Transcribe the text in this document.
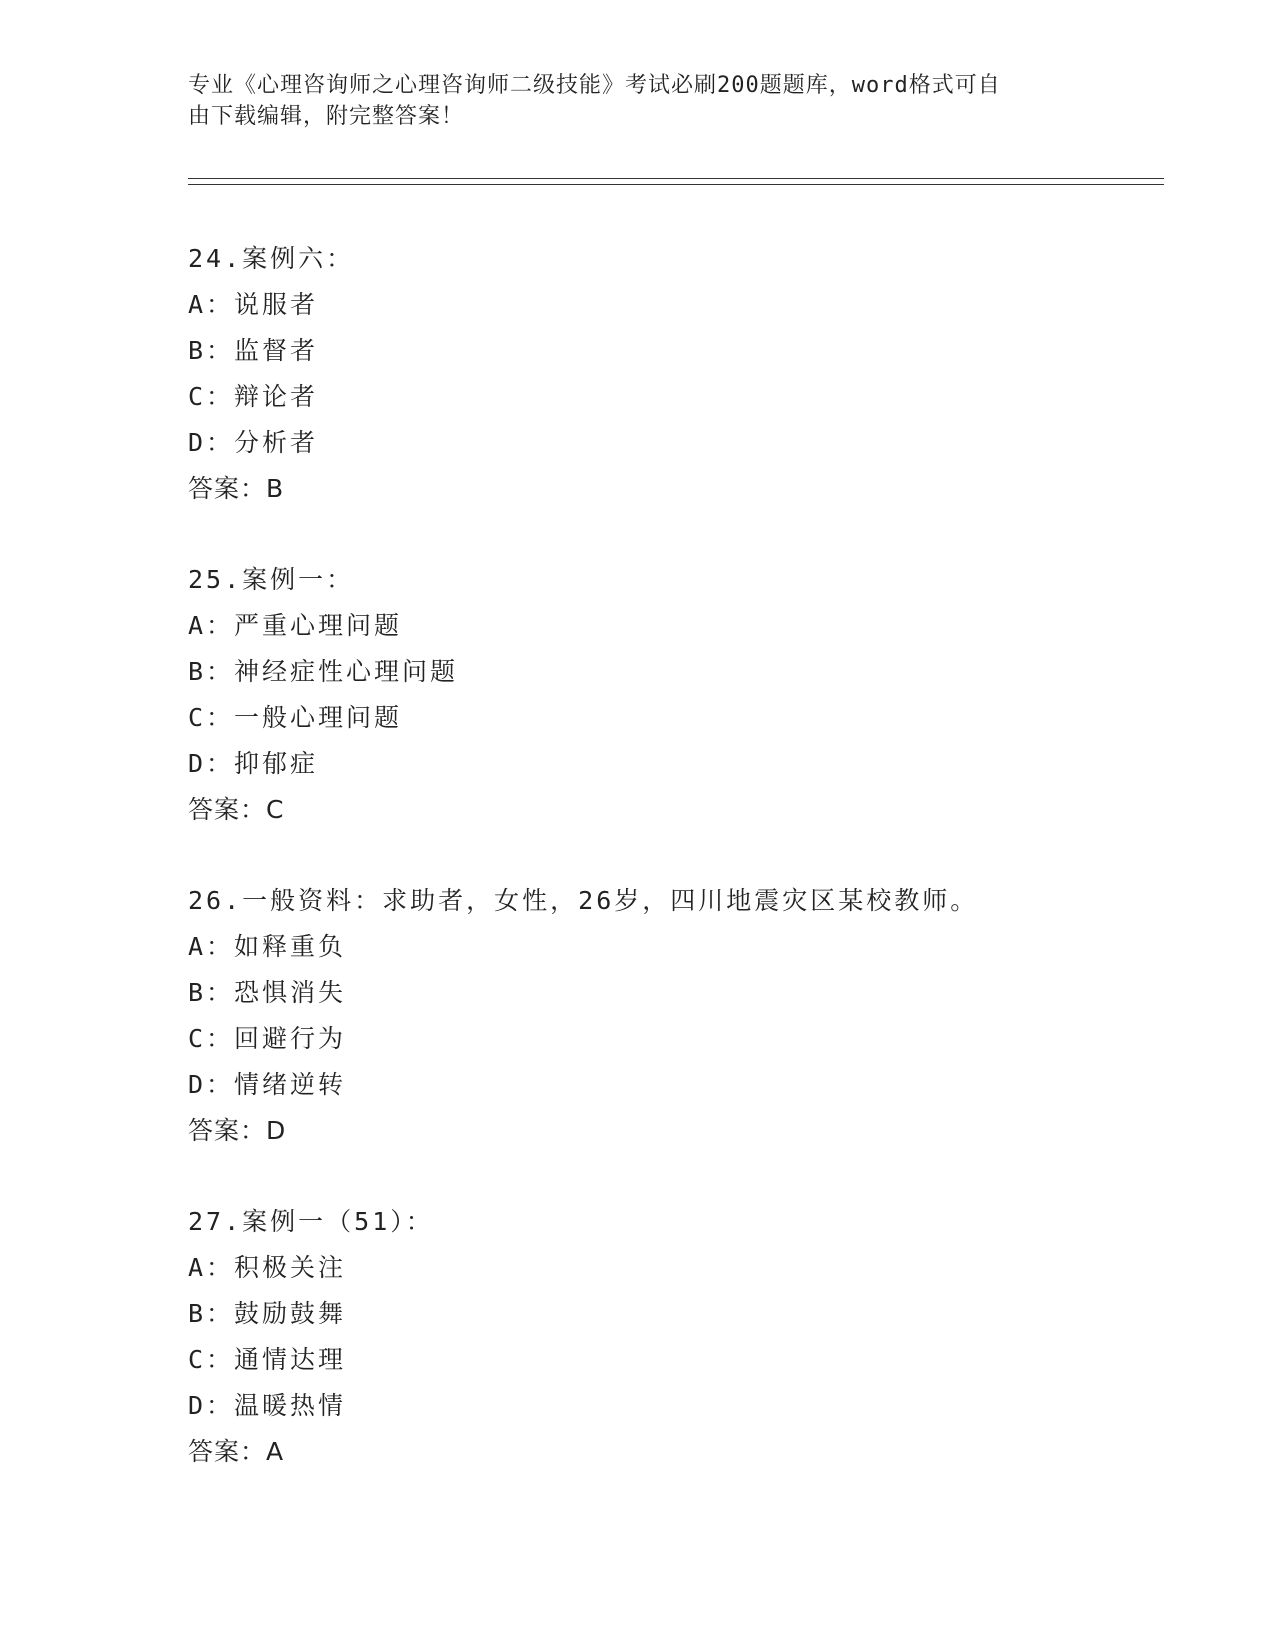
专业《心理咨询师之心理咨询师二级技能》考试必刷200题题库，word格式可自
由下载编辑，附完整答案！
24.案例六：
A：说服者
B：监督者
C：辩论者
D：分析者
答案：B
25.案例一：
A：严重心理问题
B：神经症性心理问题
C：一般心理问题
D：抑郁症
答案：C
26.一般资料：求助者，女性，26岁，四川地震灾区某校教师。
A：如释重负
B：恐惧消失
C：回避行为
D：情绪逆转
答案：D
27.案例一（51）：
A：积极关注
B：鼓励鼓舞
C：通情达理
D：温暖热情
答案：A
